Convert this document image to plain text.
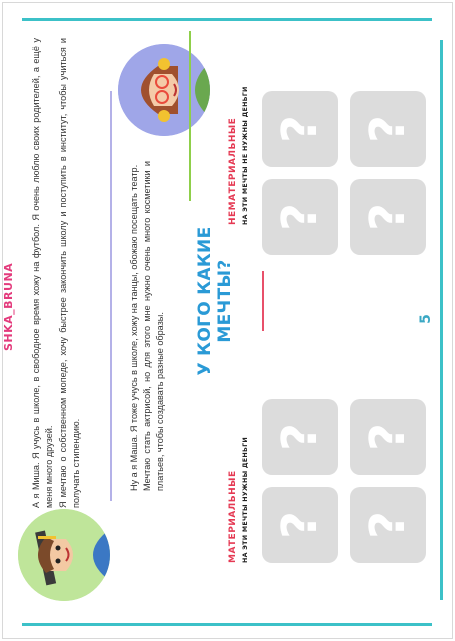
SHKA_BRUNA	А я Миша. Я учусь в школе, в свободное время хожу на футбол. Я очень люблю своих родителей, а ещё у меня много друзей. Я мечтаю о собственном мопеде, хочу быстрее закончить школу и поступить в институт, чтобы учиться и получать стипендию.	Ну а я Маша. Я тоже учусь в школе, хожу на танцы, обожаю посещать театр. Мечтаю стать актрисой, но для этого мне нужно очень много косметики и платьев, чтобы создавать разные образы.

У КОГО КАКИЕ МЕЧТЫ?	5
МАТЕРИАЛЬНЫЕ НА ЭТИ МЕЧТЫ НУЖНЫ ДЕНЬГИ ? ?
? ?
НЕМАТЕРИАЛЬНЫЕ НА ЭТИ МЕЧТЫ НЕ НУЖНЫ ДЕНЬГИ ? ?
? ?
